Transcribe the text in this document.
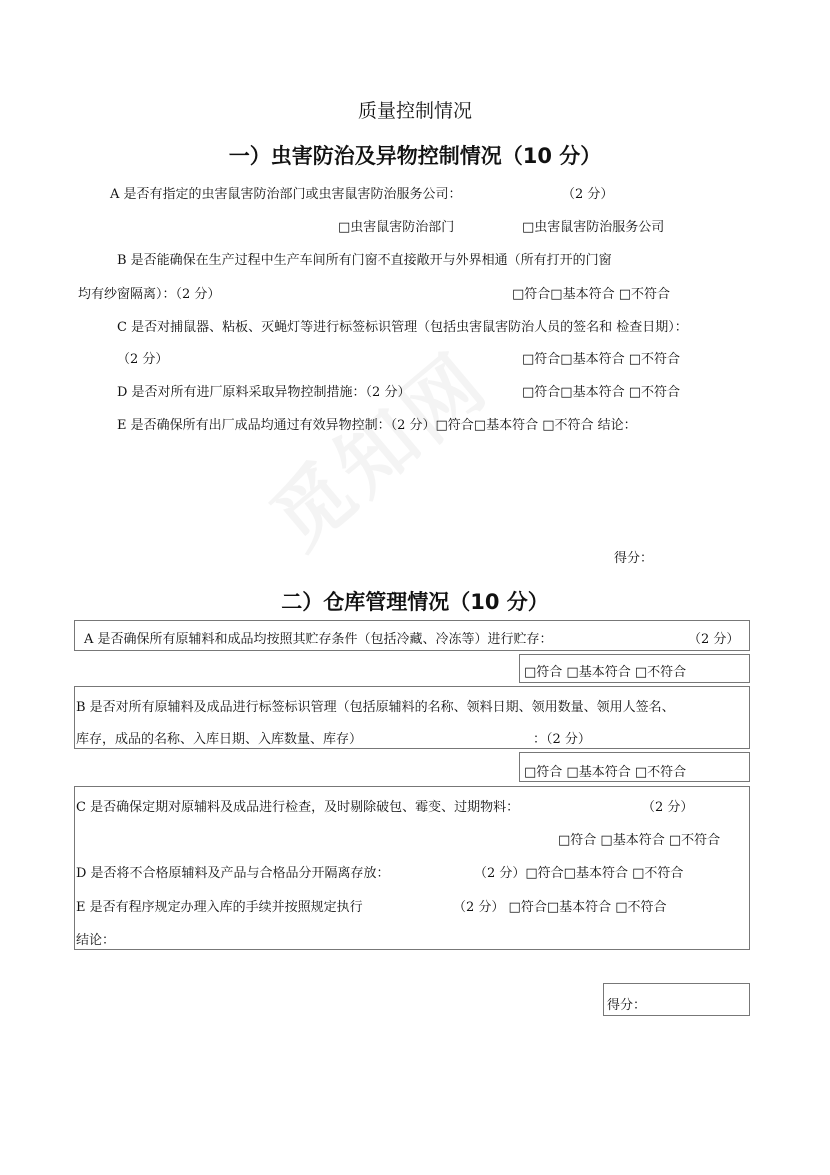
质量控制情况
一）虫害防治及异物控制情况（10 分）
A 是否有指定的虫害鼠害防治部门或虫害鼠害防治服务公司：	（2 分）
□虫害鼠害防治部门	□虫害鼠害防治服务公司
B 是否能确保在生产过程中生产车间所有门窗不直接敞开与外界相通（所有打开的门窗
均有纱窗隔离）：（2 分）	□符合□基本符合 □不符合
C 是否对捕鼠器、粘板、灭蝇灯等进行标签标识管理（包括虫害鼠害防治人员的签名和 检查日期）：
（2 分）	□符合□基本符合 □不符合
D 是否对所有进厂原料采取异物控制措施：（2 分）	□符合□基本符合 □不符合
E 是否确保所有出厂成品均通过有效异物控制：（2 分）□符合□基本符合 □不符合 结论：
得分：
二）仓库管理情况（10 分）
A 是否确保所有原辅料和成品均按照其贮存条件（包括冷藏、冷冻等）进行贮存：	（2 分）
□符合 □基本符合 □不符合
B 是否对所有原辅料及成品进行标签标识管理（包括原辅料的名称、领料日期、领用数量、领用人签名、
库存，成品的名称、入库日期、入库数量、库存）	：（2 分）
□符合 □基本符合 □不符合
C 是否确保定期对原辅料及成品进行检查，及时剔除破包、霉变、过期物料：	（2 分）
□符合 □基本符合 □不符合
D 是否将不合格原辅料及产品与合格品分开隔离存放：	（2 分）□符合□基本符合 □不符合
E 是否有程序规定办理入库的手续并按照规定执行	（2 分） □符合□基本符合 □不符合
结论：
得分：
